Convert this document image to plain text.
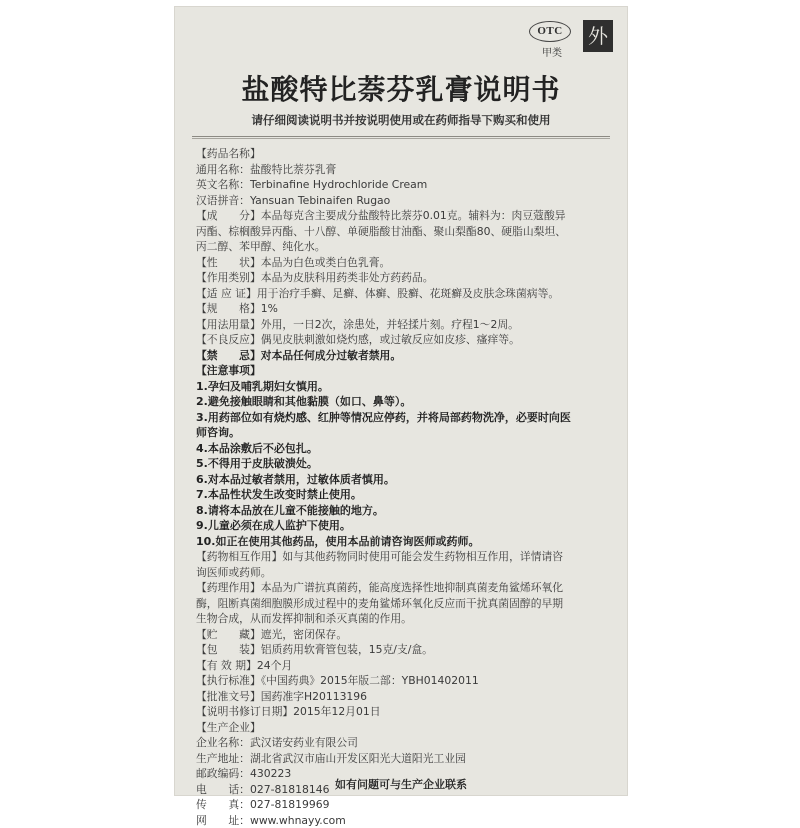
OTC
甲类
外
盐酸特比萘芬乳膏说明书
请仔细阅读说明书并按说明使用或在药师指导下购买和使用
【药品名称】
通用名称：盐酸特比萘芬乳膏
英文名称：Terbinafine Hydrochloride Cream
汉语拼音：Yansuan Tebinaifen Rugao
【成　　分】本品每克含主要成分盐酸特比萘芬0.01克。辅料为：肉豆蔻酸异
丙酯、棕榈酸异丙酯、十八醇、单硬脂酸甘油酯、聚山梨酯80、硬脂山梨坦、
丙二醇、苯甲醇、纯化水。
【性　　状】本品为白色或类白色乳膏。
【作用类别】本品为皮肤科用药类非处方药药品。
【适 应 证】用于治疗手癣、足癣、体癣、股癣、花斑癣及皮肤念珠菌病等。
【规　　格】1%
【用法用量】外用，一日2次，涂患处，并轻揉片刻。疗程1～2周。
【不良反应】偶见皮肤刺激如烧灼感，或过敏反应如皮疹、瘙痒等。
【禁　　忌】对本品任何成分过敏者禁用。
【注意事项】
1.孕妇及哺乳期妇女慎用。
2.避免接触眼睛和其他黏膜（如口、鼻等）。
3.用药部位如有烧灼感、红肿等情况应停药，并将局部药物洗净，必要时向医
师咨询。
4.本品涂敷后不必包扎。
5.不得用于皮肤破溃处。
6.对本品过敏者禁用，过敏体质者慎用。
7.本品性状发生改变时禁止使用。
8.请将本品放在儿童不能接触的地方。
9.儿童必须在成人监护下使用。
10.如正在使用其他药品，使用本品前请咨询医师或药师。
【药物相互作用】如与其他药物同时使用可能会发生药物相互作用，详情请咨
询医师或药师。
【药理作用】本品为广谱抗真菌药，能高度选择性地抑制真菌麦角鲨烯环氧化
酶，阻断真菌细胞膜形成过程中的麦角鲨烯环氧化反应而干扰真菌固醇的早期
生物合成，从而发挥抑制和杀灭真菌的作用。
【贮　　藏】遮光，密闭保存。
【包　　装】铝质药用软膏管包装，15克/支/盒。
【有 效 期】24个月
【执行标准】《中国药典》2015年版二部：YBH01402011
【批准文号】国药准字H20113196
【说明书修订日期】2015年12月01日
【生产企业】
企业名称：武汉诺安药业有限公司
生产地址：湖北省武汉市庙山开发区阳光大道阳光工业园
邮政编码：430223
电　　话：027-81818146
传　　真：027-81819969
网　　址：www.whnayy.com
如有问题可与生产企业联系
